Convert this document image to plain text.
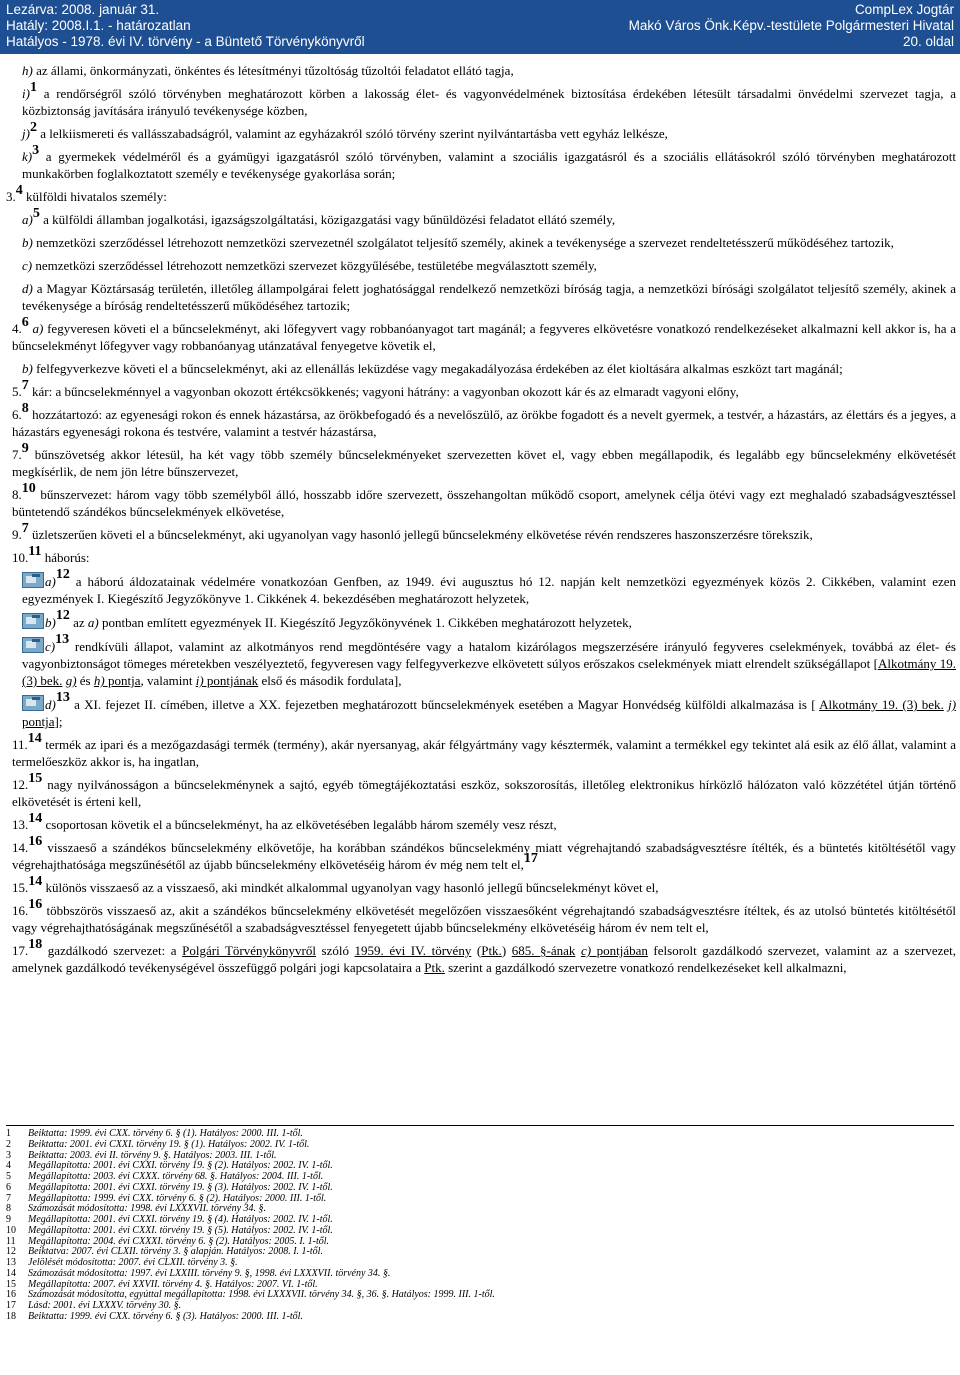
Lezárva: 2008. január 31.	CompLex Jogtár
Hatály: 2008.I.1. - határozatlan	Makó Város Önk.Képv.-testülete Polgármesteri Hivatal
Hatályos - 1978. évi IV. törvény - a Büntető Törvénykönyvről	20. oldal

h) az állami, önkormányzati, önkéntes és létesítményi tűzoltóság tűzoltói feladatot ellátó tagja,

i)$^1$ a rendőrségről szóló törvényben meghatározott körben a lakosság élet- és vagyonvédelmének biztosítása érdekében létesült társadalmi önvédelmi szervezet tagja, a közbiztonság javítására irányuló tevékenysége közben,

j)$^2$ a lelkiismereti és vallásszabadságról, valamint az egyházakról szóló törvény szerint nyilvántartásba vett egyház lelkésze,

k)$^3$ a gyermekek védelméről és a gyámügyi igazgatásról szóló törvényben, valamint a szociális igazgatásról és a szociális ellátásokról szóló törvényben meghatározott munkakörben foglalkoztatott személy e tevékenysége gyakorlása során;

3.$^4$ külföldi hivatalos személy:

a)$^5$ a külföldi államban jogalkotási, igazságszolgáltatási, közigazgatási vagy bűnüldözési feladatot ellátó személy,

b) nemzetközi szerződéssel létrehozott nemzetközi szervezetnél szolgálatot teljesítő személy, akinek a tevékenysége a szervezet rendeltetésszerű működéséhez tartozik,

c) nemzetközi szerződéssel létrehozott nemzetközi szervezet közgyűlésébe, testületébe megválasztott személy,

d) a Magyar Köztársaság területén, illetőleg állampolgárai felett joghatósággal rendelkező nemzetközi bíróság tagja, a nemzetközi bírósági szolgálatot teljesítő személy, akinek a tevékenysége a bíróság rendeltetésszerű működéséhez tartozik;

4.$^6$ a) fegyveresen követi el a bűncselekményt, aki lőfegyvert vagy robbanóanyagot tart magánál; a fegyveres elkövetésre vonatkozó rendelkezéseket alkalmazni kell akkor is, ha a bűncselekményt lőfegyver vagy robbanóanyag utánzatával fenyegetve követik el,

b) felfegyverkezve követi el a bűncselekményt, aki az ellenállás leküzdése vagy megakadályozása érdekében az élet kioltására alkalmas eszközt tart magánál;

5.$^7$ kár: a bűncselekménnyel a vagyonban okozott értékcsökkenés; vagyoni hátrány: a vagyonban okozott kár és az elmaradt vagyoni előny,

6.$^8$ hozzátartozó: az egyenesági rokon és ennek házastársa, az örökbefogadó és a nevelőszülő, az örökbe fogadott és a nevelt gyermek, a testvér, a házastárs, az élettárs és a jegyes, a házastárs egyenesági rokona és testvére, valamint a testvér házastársa,

7.$^9$ bűnszövetség akkor létesül, ha két vagy több személy bűncselekményeket szervezetten követ el, vagy ebben megállapodik, és legalább egy bűncselekmény elkövetését megkísérlik, de nem jön létre bűnszervezet,

8.10 bűnszervezet: három vagy több személyből álló, hosszabb időre szervezett, összehangoltan működő csoport, amelynek célja ötévi vagy ezt meghaladó szabadságvesztéssel büntetendő szándékos bűncselekmények elkövetése,

9.$^7$ üzletszerűen követi el a bűncselekményt, aki ugyanolyan vagy hasonló jellegű bűncselekmény elkövetése révén rendszeres haszonszerzésre törekszik,

10.11 háborús:

a)$^{12}$ a háború áldozatainak védelmére vonatkozóan Genfben, az 1949. évi augusztus hó 12. napján kelt nemzetközi egyezmények közös 2. Cikkében, valamint ezen egyezmények I. Kiegészítő Jegyzőkönyve 1. Cikkének 4. bekezdésében meghatározott helyzetek,

b)$^{12}$ az a) pontban említett egyezmények II. Kiegészítő Jegyzőkönyvének 1. Cikkében meghatározott helyzetek,

c)$^{13}$ rendkívüli állapot, valamint az alkotmányos rend megdöntésére vagy a hatalom kizárólagos megszerzésére irányuló fegyveres cselekmények, továbbá az élet- és vagyonbiztonságot tömeges méretekben veszélyeztető, fegyveresen vagy felfegyverkezve elkövetett súlyos erőszakos cselekmények miatt elrendelt szükségállapot [Alkotmány 19. (3) bek. g) és h) pontja, valamint i) pontjának első és második fordulata],

d)$^{13}$ a XI. fejezet II. címében, illetve a XX. fejezetben meghatározott bűncselekmények esetében a Magyar Honvédség külföldi alkalmazása is [ Alkotmány 19. (3) bek. j) pontja];

11.14 termék az ipari és a mezőgazdasági termék (termény), akár nyersanyag, akár félgyártmány vagy késztermék, valamint a termékkel egy tekintet alá esik az élő állat, valamint a termelőeszköz akkor is, ha ingatlan,

12.15 nagy nyilvánosságon a bűncselekménynek a sajtó, egyéb tömegtájékoztatási eszköz, sokszorosítás, illetőleg elektronikus hírközlő hálózaton való közzététel útján történő elkövetését is érteni kell,

13.14 csoportosan követik el a bűncselekményt, ha az elkövetésében legalább három személy vesz részt,

14.16 visszaeső a szándékos bűncselekmény elkövetője, ha korábban szándékos bűncselekmény miatt végrehajtandó szabadságvesztésre ítélték, és a büntetés kitöltésétől vagy végrehajthatósága megszűnésétől az újabb bűncselekmény elkövetéséig három év még nem telt el,$^{17}$

15.14 különös visszaeső az a visszaeső, aki mindkét alkalommal ugyanolyan vagy hasonló jellegű bűncselekményt követ el,

16.16 többszörös visszaeső az, akit a szándékos bűncselekmény elkövetését megelőzően visszaesőként végrehajtandó szabadságvesztésre ítéltek, és az utolsó büntetés kitöltésétől vagy végrehajthatóságának megszűnésétől a szabadságvesztéssel fenyegetett újabb bűncselekmény elkövetéséig három év nem telt el,

17.18 gazdálkodó szervezet: a Polgári Törvénykönyvről szóló 1959. évi IV. törvény (Ptk.) 685. §-ának c) pontjában felsorolt gazdálkodó szervezet, valamint az a szervezet, amelynek gazdálkodó tevékenységével összefüggő polgári jogi kapcsolataira a Ptk. szerint a gazdálkodó szervezetre vonatkozó rendelkezéseket kell alkalmazni,

1 Beiktatta: 1999. évi CXX. törvény 6. § (1). Hatályos: 2000. III. 1-től.
2 Beiktatta: 2001. évi CXXI. törvény 19. § (1). Hatályos: 2002. IV. 1-től.
3 Beiktatta: 2003. évi II. törvény 9. §. Hatályos: 2003. III. 1-től.
4 Megállapította: 2001. évi CXXI. törvény 19. § (2). Hatályos: 2002. IV. 1-től.
5 Megállapította: 2003. évi CXXX. törvény 68. §. Hatályos: 2004. III. 1-től.
6 Megállapította: 2001. évi CXXI. törvény 19. § (3). Hatályos: 2002. IV. 1-től.
7 Megállapította: 1999. évi CXX. törvény 6. § (2). Hatályos: 2000. III. 1-től.
8 Számozását módosította: 1998. évi LXXXVII. törvény 34. §.
9 Megállapította: 2001. évi CXXI. törvény 19. § (4). Hatályos: 2002. IV. 1-től.
10 Megállapította: 2001. évi CXXI. törvény 19. § (5). Hatályos: 2002. IV. 1-től.
11 Megállapította: 2004. évi CXXXI. törvény 6. § (2). Hatályos: 2005. I. 1-től.
12 Beiktatva: 2007. évi CLXII. törvény 3. § alapján. Hatályos: 2008. I. 1-től.
13 Jelölését módosította: 2007. évi CLXII. törvény 3. §.
14 Számozását módosította: 1997. évi LXXIII. törvény 9. §, 1998. évi LXXXVII. törvény 34. §.
15 Megállapította: 2007. évi XXVII. törvény 4. §. Hatályos: 2007. VI. 1-től.
16 Számozását módosította, egyúttal megállapította: 1998. évi LXXXVII. törvény 34. §, 36. §. Hatályos: 1999. III. 1-től.
17 Lásd: 2001. évi LXXXV. törvény 30. §.
18 Beiktatta: 1999. évi CXX. törvény 6. § (3). Hatályos: 2000. III. 1-től.
